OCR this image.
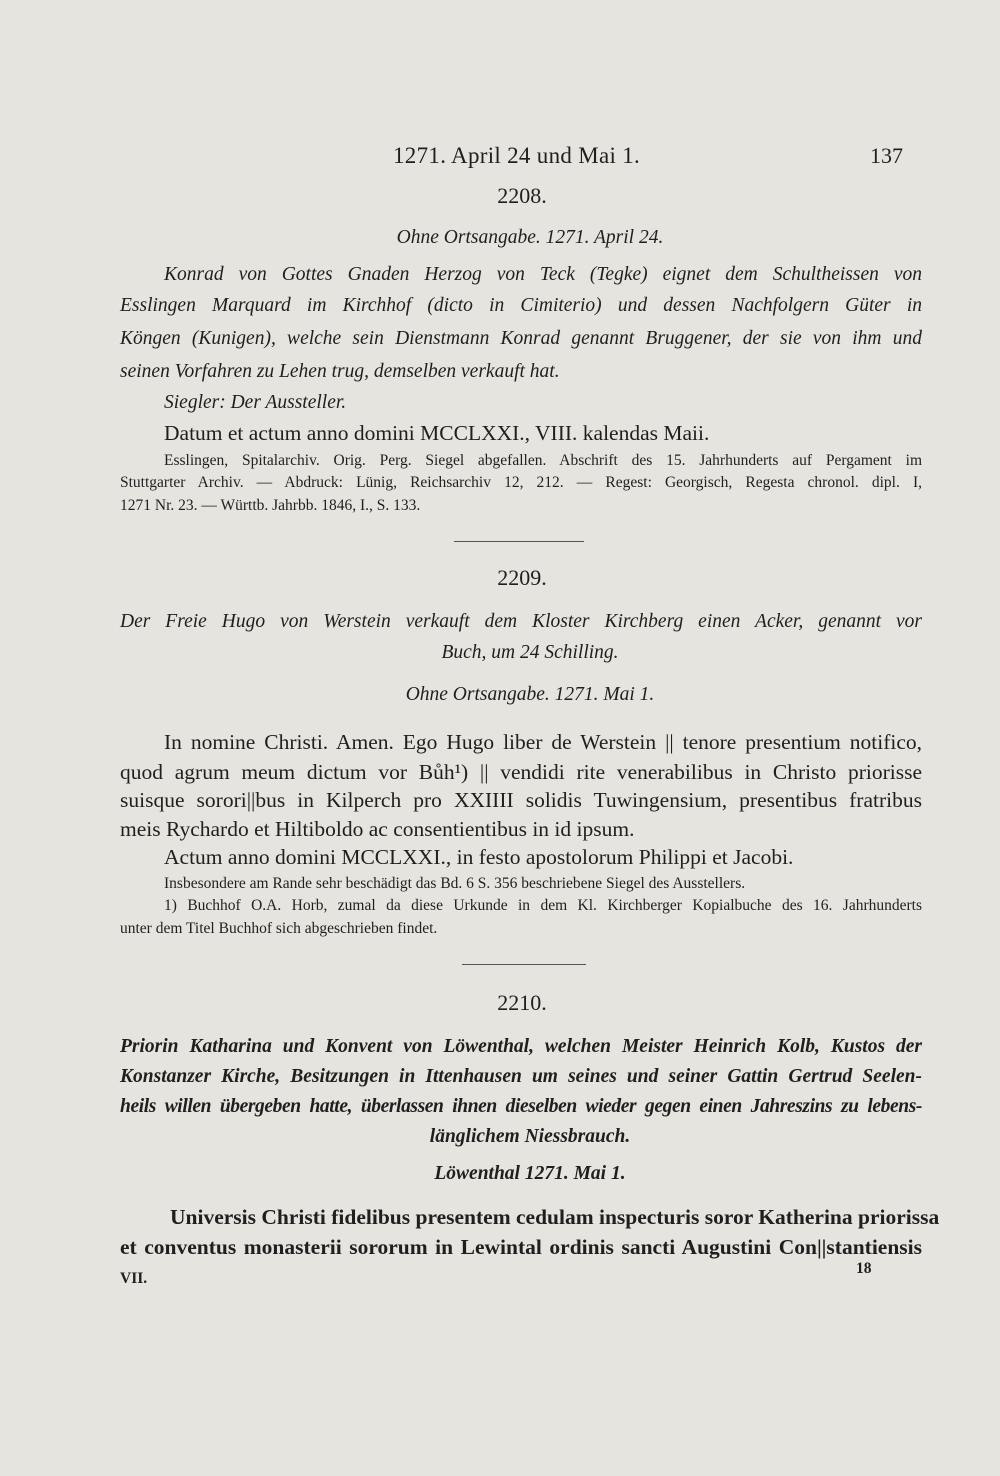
1271. April 24 und Mai 1.	137
2208.
Ohne Ortsangabe. 1271. April 24.
Konrad von Gottes Gnaden Herzog von Teck (Tegke) eignet dem Schultheissen von
Esslingen Marquard im Kirchhof (dicto in Cimiterio) und dessen Nachfolgern Güter in
Köngen (Kunigen), welche sein Dienstmann Konrad genannt Bruggener, der sie von ihm und
seinen Vorfahren zu Lehen trug, demselben verkauft hat.
Siegler: Der Aussteller.
Datum et actum anno domini MCCLXXI., VIII. kalendas Maii.
Esslingen, Spitalarchiv. Orig. Perg. Siegel abgefallen. Abschrift des 15. Jahrhunderts auf Pergament im
Stuttgarter Archiv. — Abdruck: Lünig, Reichsarchiv 12, 212. — Regest: Georgisch, Regesta chronol. dipl. I,
1271 Nr. 23. — Württb. Jahrbb. 1846, I., S. 133.
2209.
Der Freie Hugo von Werstein verkauft dem Kloster Kirchberg einen Acker, genannt vor
Buch, um 24 Schilling.
Ohne Ortsangabe. 1271. Mai 1.
In nomine Christi. Amen. Ego Hugo liber de Werstein || tenore presentium notifico,
quod agrum meum dictum vor Bůh¹) || vendidi rite venerabilibus in Christo priorisse
suisque sorori||bus in Kilperch pro XXIIII solidis Tuwingensium, presentibus fratribus
meis Rychardo et Hiltiboldo ac consentientibus in id ipsum.
Actum anno domini MCCLXXI., in festo apostolorum Philippi et Jacobi.
Insbesondere am Rande sehr beschädigt das Bd. 6 S. 356 beschriebene Siegel des Ausstellers.
1) Buchhof O.A. Horb, zumal da diese Urkunde in dem Kl. Kirchberger Kopialbuche des 16. Jahrhunderts
unter dem Titel Buchhof sich abgeschrieben findet.
2210.
Priorin Katharina und Konvent von Löwenthal, welchen Meister Heinrich Kolb, Kustos der
Konstanzer Kirche, Besitzungen in Ittenhausen um seines und seiner Gattin Gertrud Seelen-
heils willen übergeben hatte, überlassen ihnen dieselben wieder gegen einen Jahreszins zu lebens-
länglichem Niessbrauch.
Löwenthal 1271. Mai 1.
Universis Christi fidelibus presentem cedulam inspecturis soror Katherina priorissa
et conventus monasterii sororum in Lewintal ordinis sancti Augustini Con||stantiensis
VII.
18
